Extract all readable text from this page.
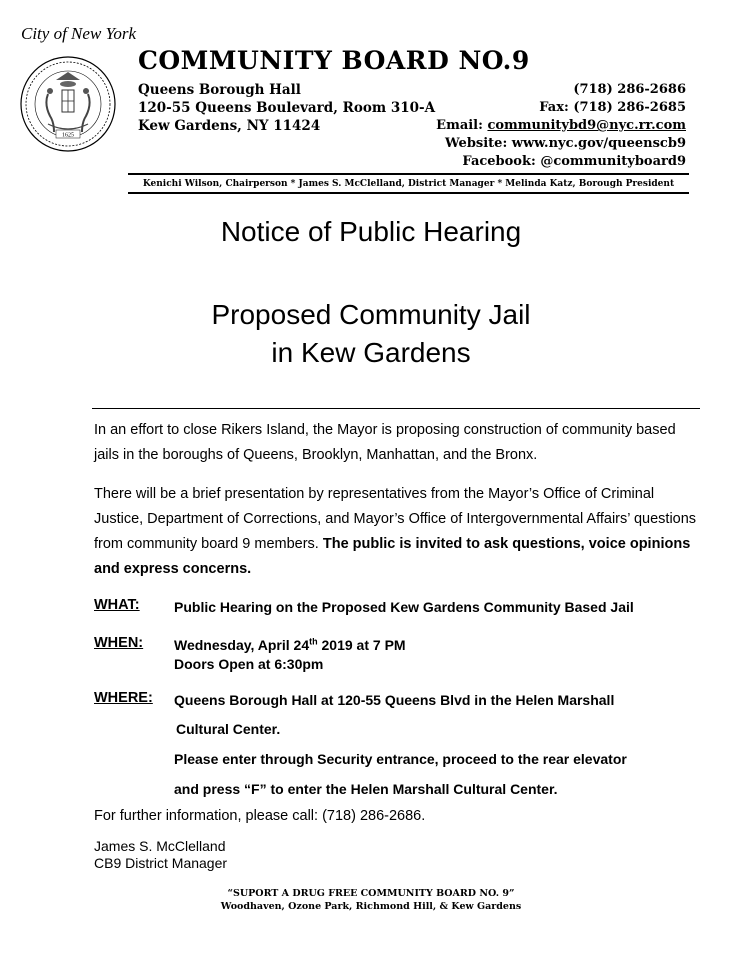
City of New York
1625
COMMUNITY BOARD NO.9
Queens Borough Hall
120-55 Queens Boulevard, Room 310-A
Kew Gardens, NY 11424
(718) 286-2686
Fax: (718) 286-2685
Email: communitybd9@nyc.rr.com
Website: www.nyc.gov/queenscb9
Facebook: @communityboard9
Kenichi Wilson, Chairperson * James S. McClelland, District Manager * Melinda Katz, Borough President
Notice of Public Hearing
Proposed Community Jail
in Kew Gardens
In an effort to close Rikers Island, the Mayor is proposing construction of community based jails in the boroughs of Queens, Brooklyn, Manhattan, and the Bronx.
There will be a brief presentation by representatives from the Mayor’s Office of Criminal Justice, Department of Corrections, and Mayor’s Office of Intergovernmental Affairs’ questions from community board 9 members. The public is invited to ask questions, voice opinions and express concerns.
WHAT: Public Hearing on the Proposed Kew Gardens Community Based Jail
WHEN: Wednesday, April 24th 2019 at 7 PM
Doors Open at 6:30pm
WHERE: Queens Borough Hall at 120-55 Queens Blvd in the Helen Marshall
Cultural Center.
Please enter through Security entrance, proceed to the rear elevator
and press “F” to enter the Helen Marshall Cultural Center.
For further information, please call: (718) 286-2686.
James S. McClelland
CB9 District Manager
“SUPORT A DRUG FREE COMMUNITY BOARD NO. 9”
Woodhaven, Ozone Park, Richmond Hill, & Kew Gardens
